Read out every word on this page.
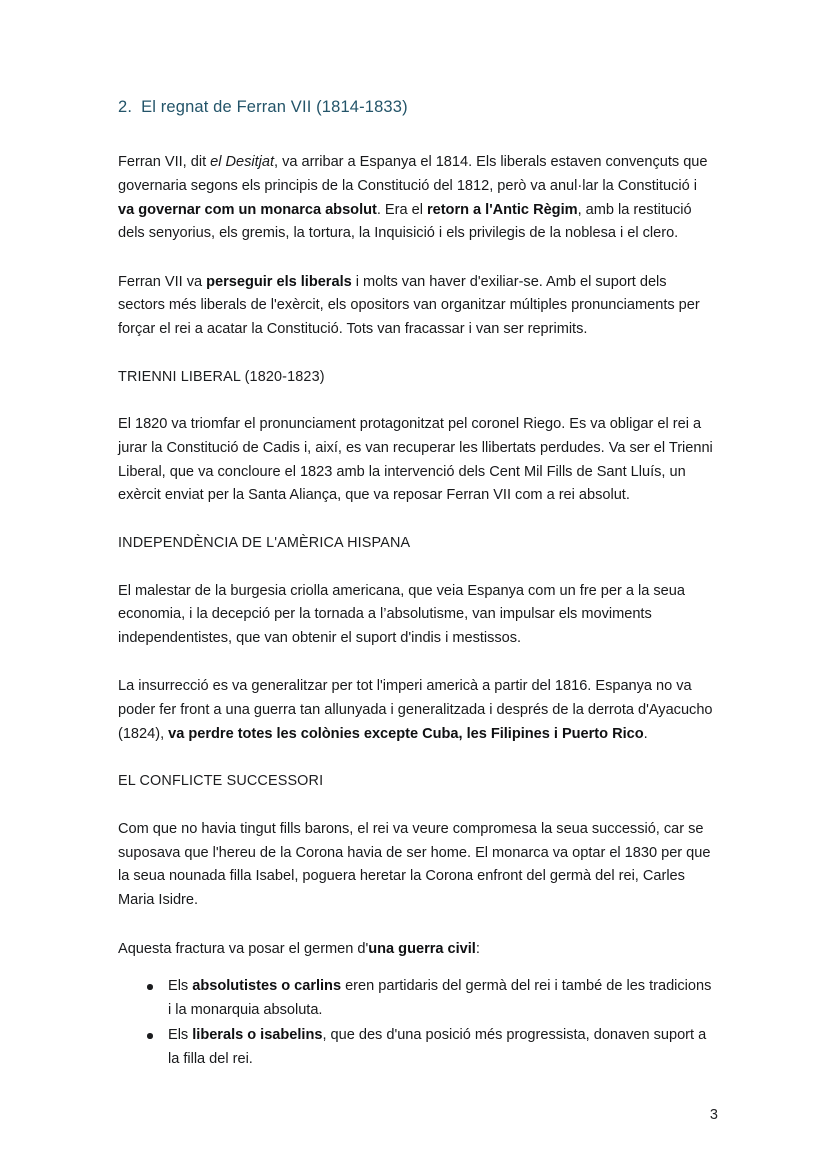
2. El regnat de Ferran VII (1814-1833)

Ferran VII, dit el Desitjat, va arribar a Espanya el 1814. Els liberals estaven convençuts que governaria segons els principis de la Constitució del 1812, però va anul·lar la Constitució i va governar com un monarca absolut. Era el retorn a l'Antic Règim, amb la restitució dels senyorius, els gremis, la tortura, la Inquisició i els privilegis de la noblesa i el clero.

Ferran VII va perseguir els liberals i molts van haver d'exiliar-se. Amb el suport dels sectors més liberals de l'exèrcit, els opositors van organitzar múltiples pronunciaments per forçar el rei a acatar la Constitució. Tots van fracassar i van ser reprimits.

TRIENNI LIBERAL (1820-1823)

El 1820 va triomfar el pronunciament protagonitzat pel coronel Riego. Es va obligar el rei a jurar la Constitució de Cadis i, així, es van recuperar les llibertats perdudes. Va ser el Trienni Liberal, que va concloure el 1823 amb la intervenció dels Cent Mil Fills de Sant Lluís, un exèrcit enviat per la Santa Aliança, que va reposar Ferran VII com a rei absolut.

INDEPENDÈNCIA DE L'AMÈRICA HISPANA

El malestar de la burgesia criolla americana, que veia Espanya com un fre per a la seua economia, i la decepció per la tornada a l’absolutisme, van impulsar els moviments independentistes, que van obtenir el suport d'indis i mestissos.

La insurrecció es va generalitzar per tot l'imperi americà a partir del 1816. Espanya no va poder fer front a una guerra tan allunyada i generalitzada i després de la derrota d'Ayacucho (1824), va perdre totes les colònies excepte Cuba, les Filipines i Puerto Rico.

EL CONFLICTE SUCCESSORI

Com que no havia tingut fills barons, el rei va veure compromesa la seua successió, car se suposava que l'hereu de la Corona havia de ser home. El monarca va optar el 1830 per que la seua nounada filla Isabel, poguera heretar la Corona enfront del germà del rei, Carles Maria Isidre.

Aquesta fractura va posar el germen d'una guerra civil:

Els absolutistes o carlins eren partidaris del germà del rei i també de les tradicions i la monarquia absoluta.
Els liberals o isabelins, que des d'una posició més progressista, donaven suport a la filla del rei.
3
